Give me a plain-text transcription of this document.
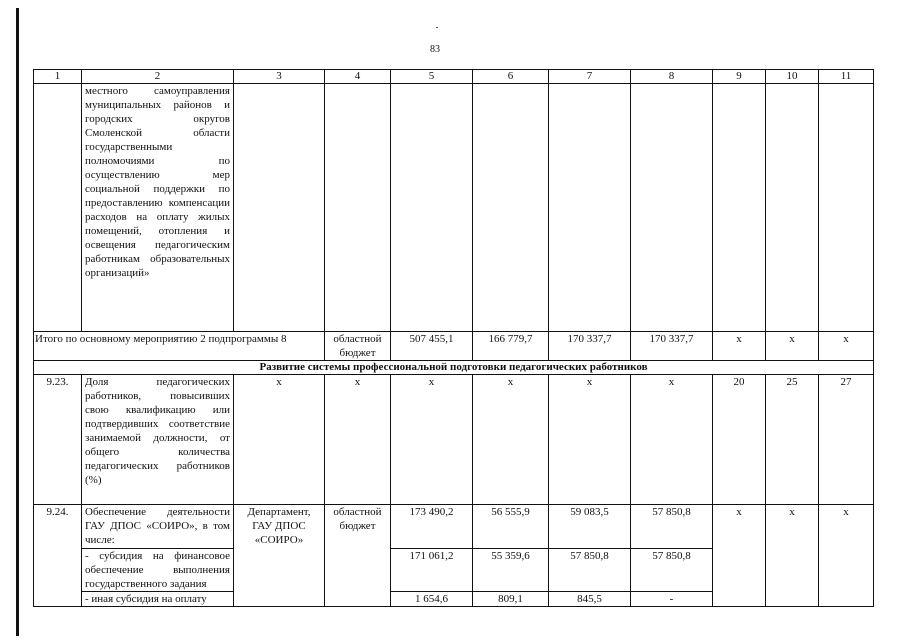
83
1	2	3	4	5	6	7	8	9	10	11
	местного самоуправления муниципальных районов и городских округов Смоленской области государственными полномочиями по осуществлению мер социальной поддержки по предоставлению компенсации расходов на оплату жилых помещений, отопления и освещения педагогическим работникам образовательных организаций»									
Итого по основному мероприятию 2 подпрограммы 8			областной бюджет	507 455,1	166 779,7	170 337,7	170 337,7	х	х	х
Развитие системы профессиональной подготовки педагогических работников										
9.23.	Доля педагогических работников, повысивших свою квалификацию или подтвердивших соответствие занимаемой должности, от общего количества педагогических работников (%)	х	х	х	х	х	х	20	25	27
9.24.	Обеспечение деятельности ГАУ ДПОС «СОИРО», в том числе:	Департамент, ГАУ ДПОС «СОИРО»	областной бюджет	173 490,2	56 555,9	59 083,5	57 850,8	х	х	х
	- субсидия на финансовое обеспечение выполнения государственного задания			171 061,2	55 359,6	57 850,8	57 850,8			
	- иная субсидия на оплату			1 654,6	809,1	845,5	-			
